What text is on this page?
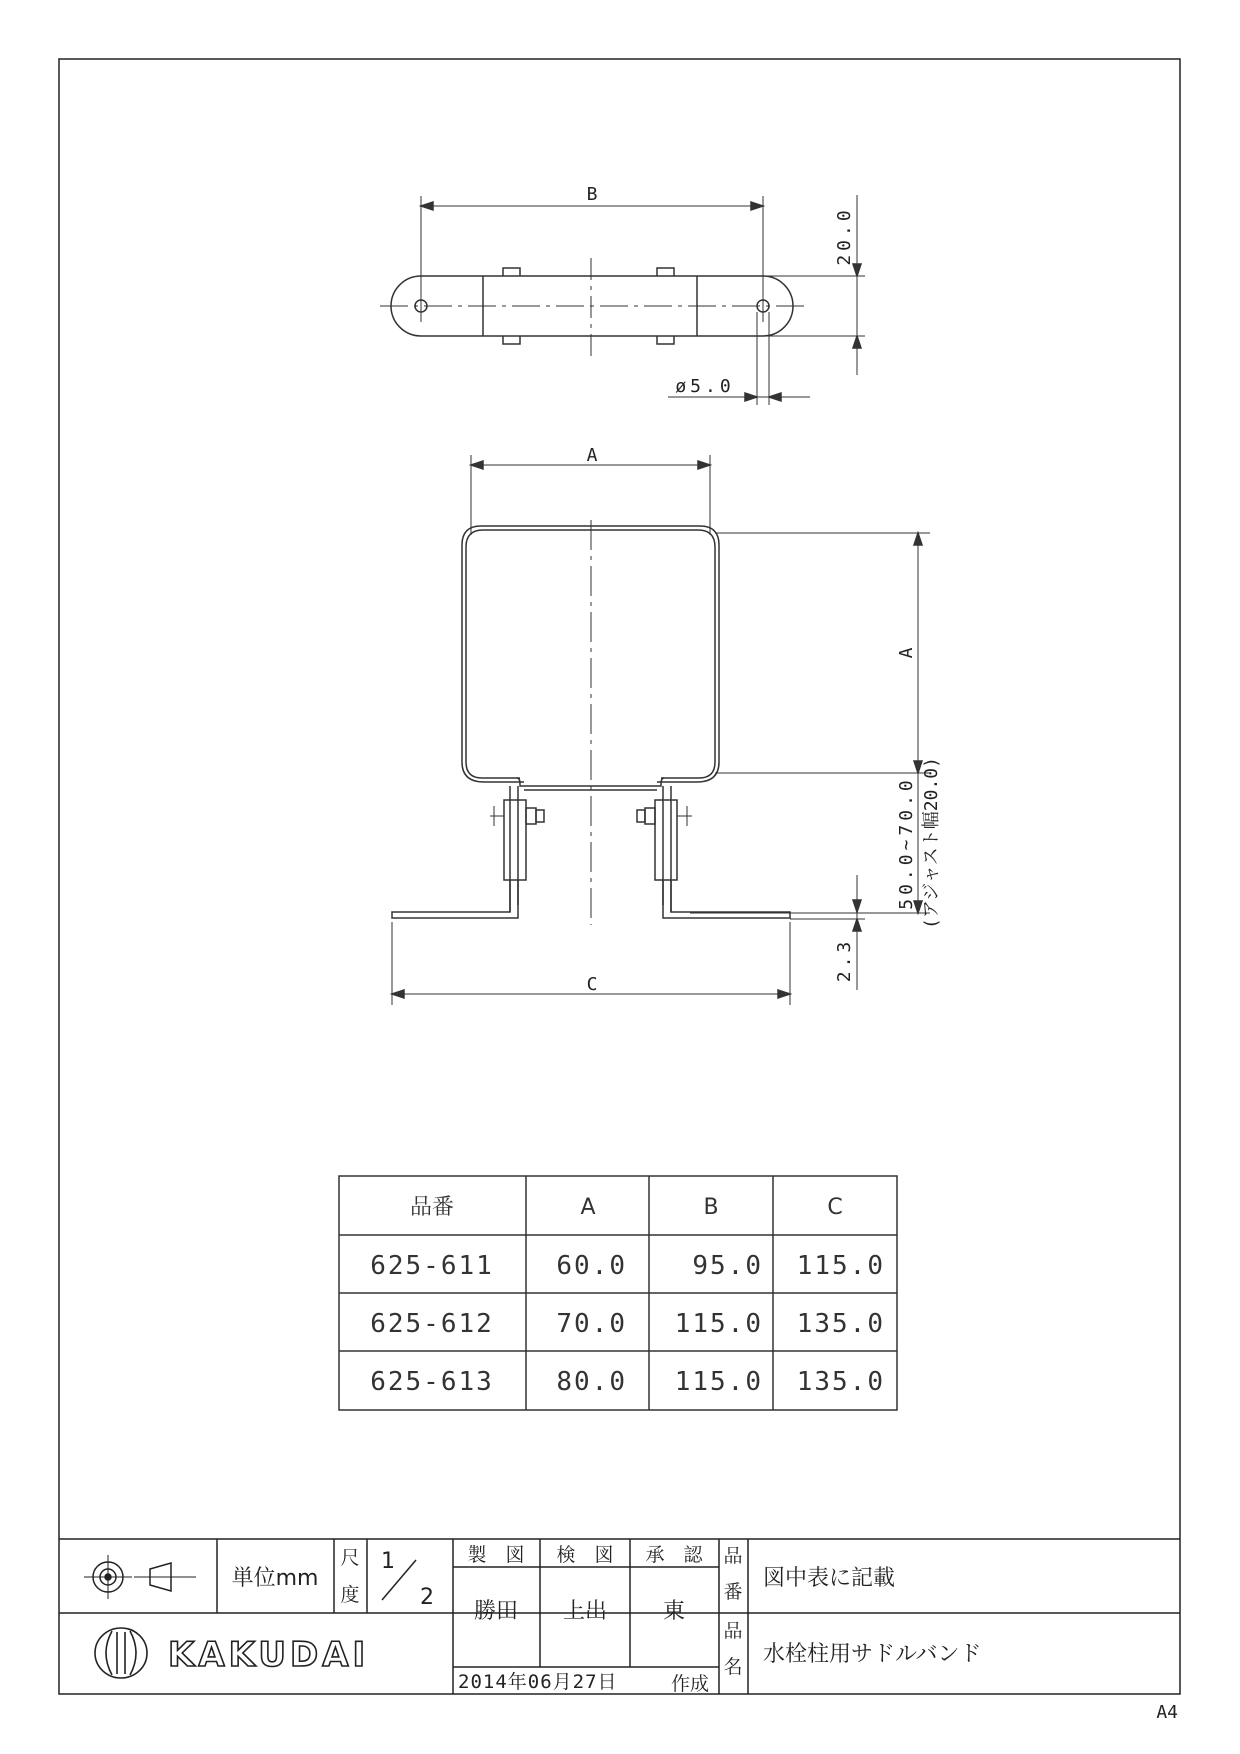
B
20.0
ø5.0
A
A
C
50.0~70.0 (アジャスト幅20.0)
2.3
品番	A	B	C
625-611 60.0	95.0 115.0
625-612 70.0 115.0 135.0
625-613 80.0 115.0 135.0
単位mm
尺
度
1
2
製　図 検　図 承　認
勝田 上出	東
2014年06月27日	作成
品
番
図中表に記載
品
名 水栓柱用サドルバンド
KAKUDAI
A4
